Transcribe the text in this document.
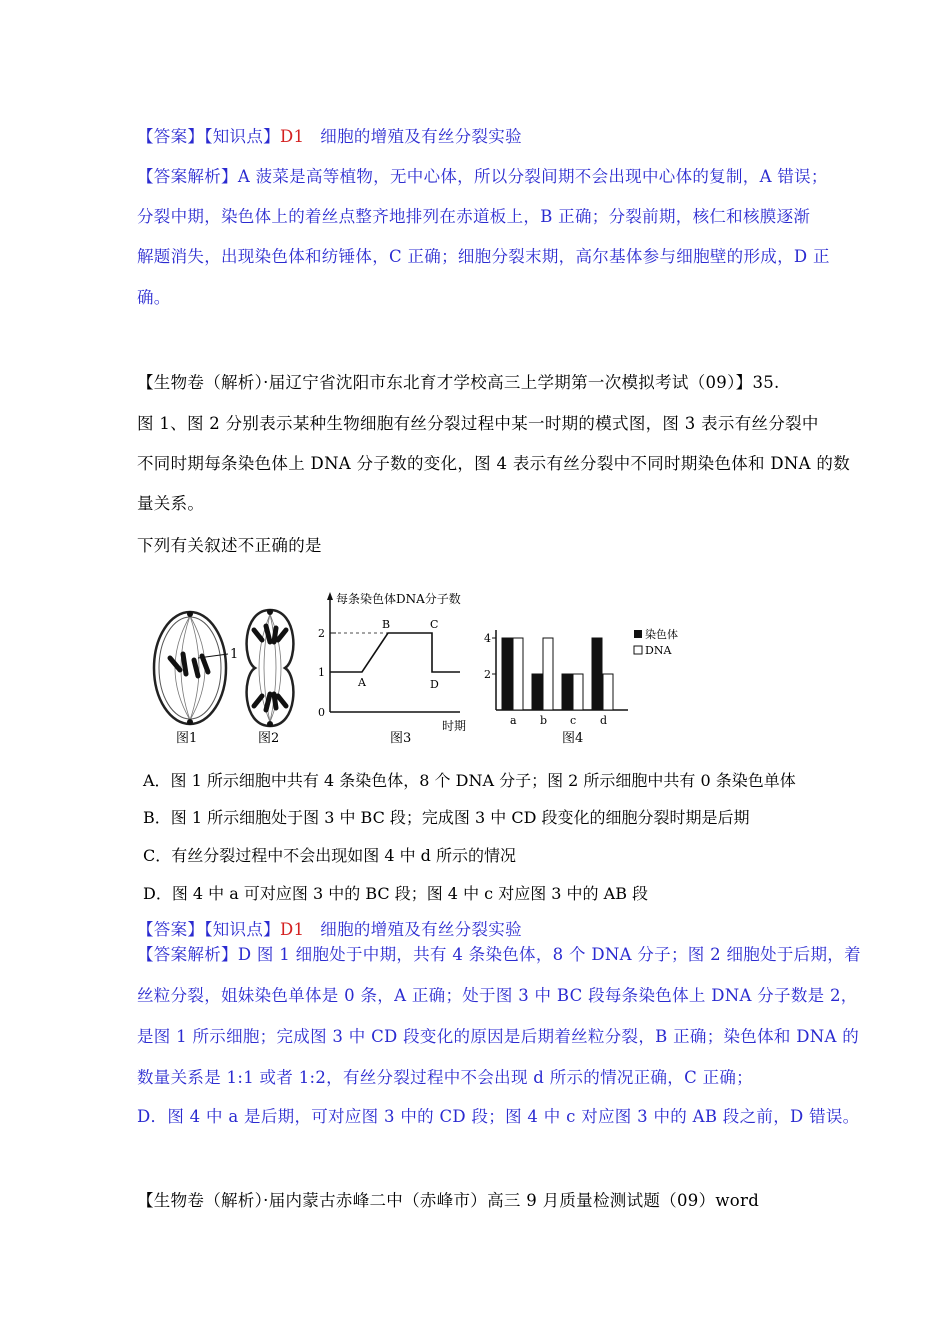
【答案】【知识点】D1 细胞的增殖及有丝分裂实验
【答案解析】A 菠菜是高等植物，无中心体，所以分裂间期不会出现中心体的复制，A 错误；
分裂中期，染色体上的着丝点整齐地排列在赤道板上，B 正确；分裂前期，核仁和核膜逐渐
解题消失，出现染色体和纺锤体，C 正确；细胞分裂末期，高尔基体参与细胞壁的形成，D 正
确。
【生物卷（解析）·届辽宁省沈阳市东北育才学校高三上学期第一次模拟考试（09）】35.
图 1、图 2 分别表示某种生物细胞有丝分裂过程中某一时期的模式图，图 3 表示有丝分裂中
不同时期每条染色体上 DNA 分子数的变化，图 4 表示有丝分裂中不同时期染色体和 DNA 的数
量关系。
下列有关叙述不正确的是
1
图1	图2
每条染色体DNA分子数
0
1
2
A
B	C
D
时期
图3
a b c d
2
4	染色体
DNA
图4
A．图 1 所示细胞中共有 4 条染色体，8 个 DNA 分子；图 2 所示细胞中共有 0 条染色单体
B．图 1 所示细胞处于图 3 中 BC 段；完成图 3 中 CD 段变化的细胞分裂时期是后期
C．有丝分裂过程中不会出现如图 4 中 d 所示的情况
D．图 4 中 a 可对应图 3 中的 BC 段；图 4 中 c 对应图 3 中的 AB 段
【答案】【知识点】D1 细胞的增殖及有丝分裂实验
【答案解析】D 图 1 细胞处于中期，共有 4 条染色体，8 个 DNA 分子；图 2 细胞处于后期，着
丝粒分裂，姐妹染色单体是 0 条，A 正确；处于图 3 中 BC 段每条染色体上 DNA 分子数是 2，
是图 1 所示细胞；完成图 3 中 CD 段变化的原因是后期着丝粒分裂，B 正确；染色体和 DNA 的
数量关系是 1:1 或者 1:2，有丝分裂过程中不会出现 d 所示的情况正确，C 正确；
D．图 4 中 a 是后期，可对应图 3 中的 CD 段；图 4 中 c 对应图 3 中的 AB 段之前，D 错误。
【生物卷（解析）·届内蒙古赤峰二中（赤峰市）高三 9 月质量检测试题（09）word
